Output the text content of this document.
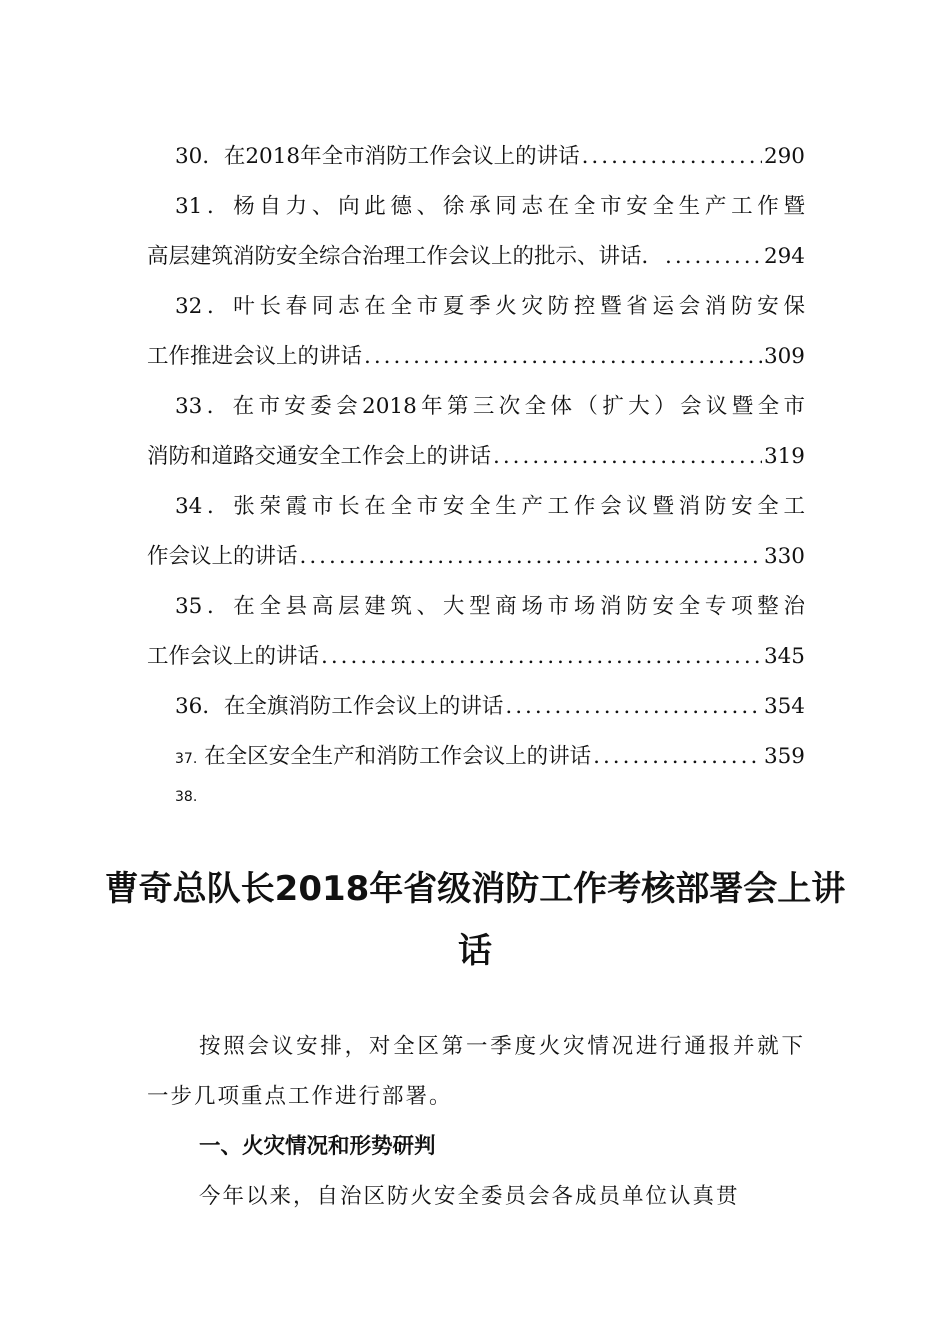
30．在2018年全市消防工作会议上的讲话 .....	290
31．杨自力、向此德、徐承同志在全市安全生产工作暨
高层建筑消防安全综合治理工作会议上的批示、讲话． .....	294
32．叶长春同志在全市夏季火灾防控暨省运会消防安保
工作推进会议上的讲话 .....	309
33．在市安委会2018年第三次全体（扩大）会议暨全市
消防和道路交通安全工作会上的讲话 .....	319
34．张荣霞市长在全市安全生产工作会议暨消防安全工
作会议上的讲话 .....	330
35．在全县高层建筑、大型商场市场消防安全专项整治
工作会议上的讲话 .....	345
36．在全旗消防工作会议上的讲话 .....	354
37. 在全区安全生产和消防工作会议上的讲话 .....	359
38.
曹奇总队长2018年省级消防工作考核部署会上讲话
按照会议安排，对全区第一季度火灾情况进行通报并就下一步几项重点工作进行部署。
一、火灾情况和形势研判
今年以来，自治区防火安全委员会各成员单位认真贯
